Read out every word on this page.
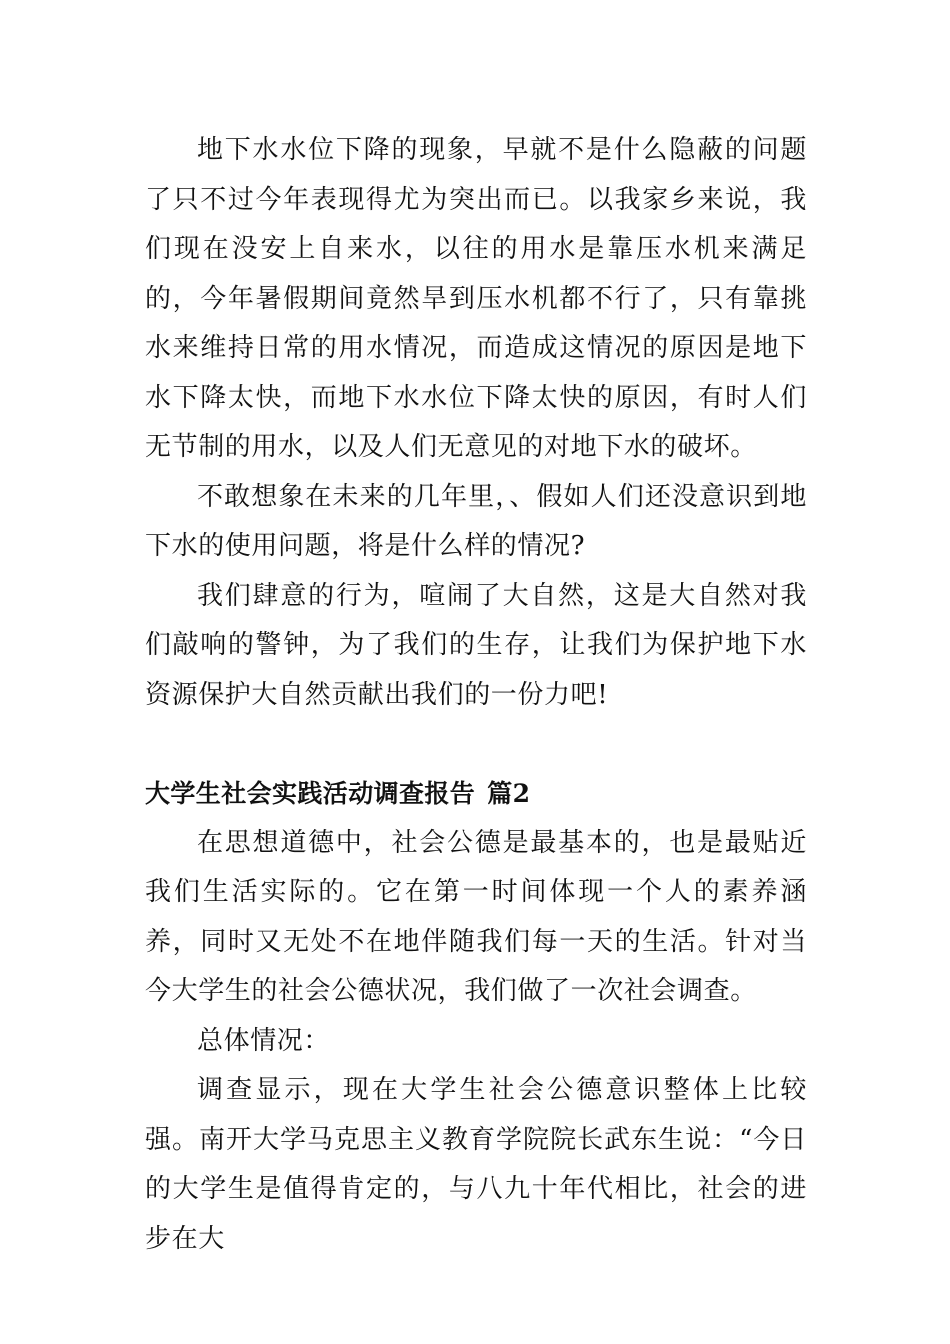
地下水水位下降的现象，早就不是什么隐蔽的问题了只不过今年表现得尤为突出而已。以我家乡来说，我们现在没安上自来水，以往的用水是靠压水机来满足的，今年暑假期间竟然旱到压水机都不行了，只有靠挑水来维持日常的用水情况，而造成这情况的原因是地下水下降太快，而地下水水位下降太快的原因，有时人们无节制的用水，以及人们无意见的对地下水的破坏。

不敢想象在未来的几年里，、假如人们还没意识到地下水的使用问题，将是什么样的情况?

我们肆意的行为，喧闹了大自然，这是大自然对我们敲响的警钟，为了我们的生存，让我们为保护地下水资源保护大自然贡献出我们的一份力吧!

大学生社会实践活动调查报告 篇2

在思想道德中，社会公德是最基本的，也是最贴近我们生活实际的。它在第一时间体现一个人的素养涵养，同时又无处不在地伴随我们每一天的生活。针对当今大学生的社会公德状况，我们做了一次社会调查。

总体情况：

调查显示，现在大学生社会公德意识整体上比较强。南开大学马克思主义教育学院院长武东生说：“今日的大学生是值得肯定的，与八九十年代相比，社会的进步在大
